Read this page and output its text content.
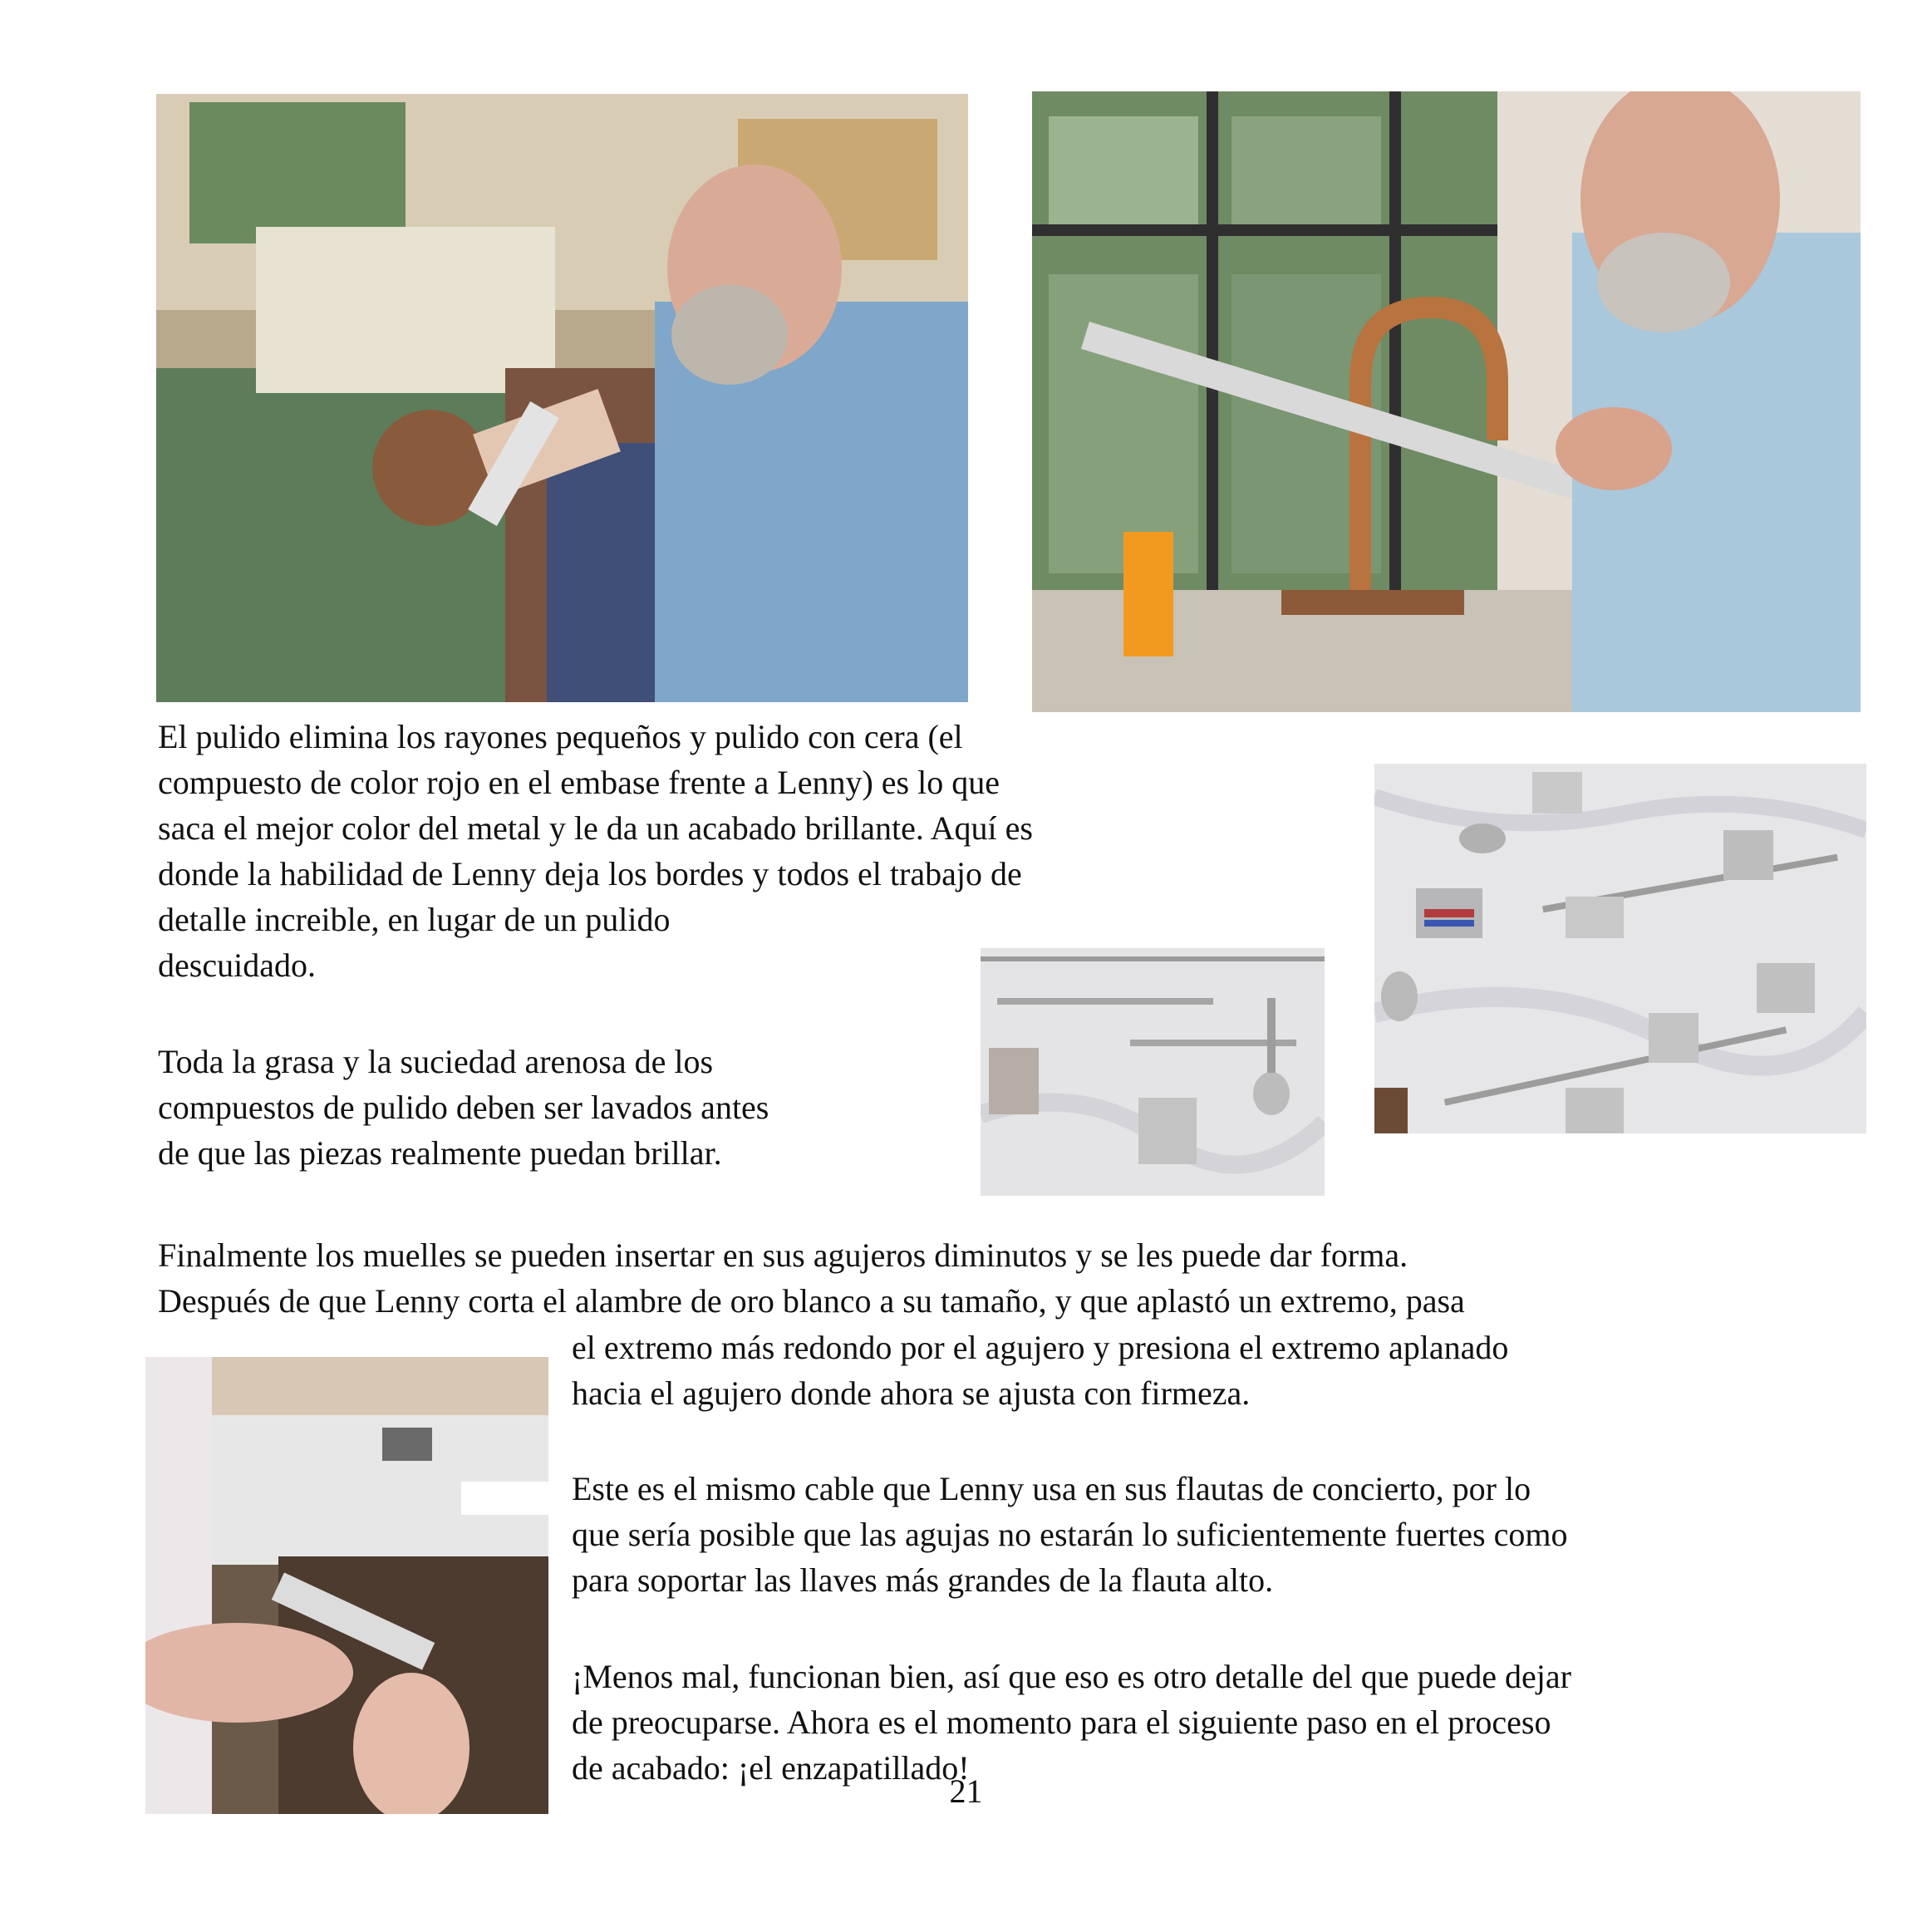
El pulido elimina los rayones pequeños y pulido con cera (el
compuesto de color rojo en el embase frente a Lenny) es lo que
saca el mejor color del metal y le da un acabado brillante. Aquí es
donde la habilidad de Lenny deja los bordes y todos el trabajo de
detalle increible, en lugar de un pulido
descuidado.

Toda la grasa y la suciedad arenosa de los
compuestos de pulido deben ser lavados antes
de que las piezas realmente puedan brillar.

Finalmente los muelles se pueden insertar en sus agujeros diminutos y se les puede dar forma.
Después de que Lenny corta el alambre de oro blanco a su tamaño, y que aplastó un extremo, pasa

el extremo más redondo por el agujero y presiona el extremo aplanado
hacia el agujero donde ahora se ajusta con firmeza.

Este es el mismo cable que Lenny usa en sus flautas de concierto, por lo
que sería posible que las agujas no estarán lo suficientemente fuertes como
para soportar las llaves más grandes de la flauta alto.

¡Menos mal, funcionan bien, así que eso es otro detalle del que puede dejar
de preocuparse. Ahora es el momento para el siguiente paso en el proceso
de acabado: ¡el enzapatillado!

21
